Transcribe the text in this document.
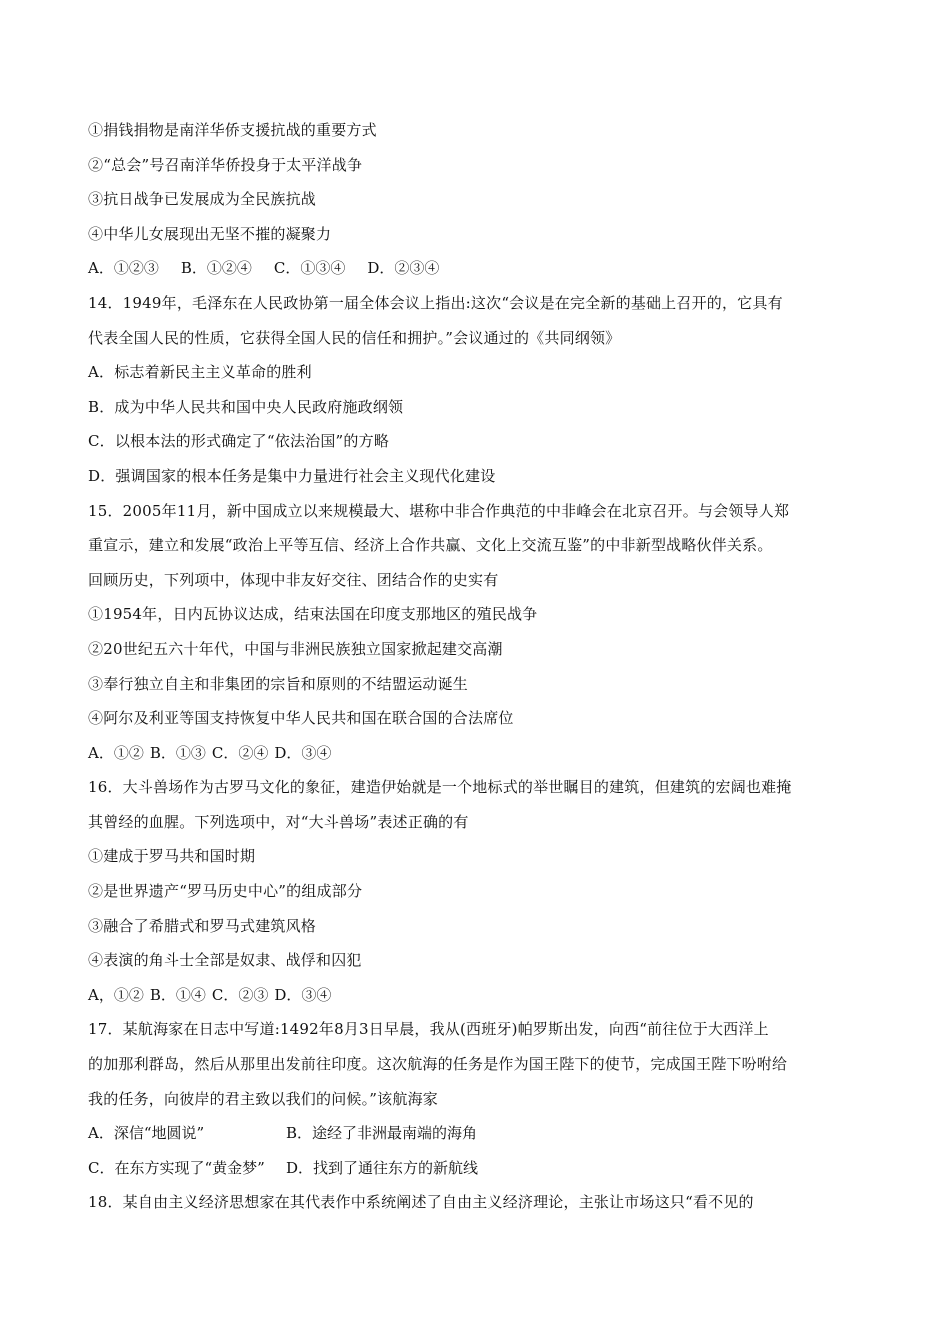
①捐钱捐物是南洋华侨支援抗战的重要方式
②“总会”号召南洋华侨投身于太平洋战争
③抗日战争已发展成为全民族抗战
④中华儿女展现出无坚不摧的凝聚力
A．①②③ B．①②④ C．①③④ D．②③④
14．1949年，毛泽东在人民政协第一届全体会议上指出:这次“会议是在完全新的基础上召开的，它具有
代表全国人民的性质，它获得全国人民的信任和拥护。”会议通过的《共同纲领》
A．标志着新民主主义革命的胜利
B．成为中华人民共和国中央人民政府施政纲领
C．以根本法的形式确定了“依法治国”的方略
D．强调国家的根本任务是集中力量进行社会主义现代化建设
15．2005年11月，新中国成立以来规模最大、堪称中非合作典范的中非峰会在北京召开。与会领导人郑
重宣示，建立和发展“政治上平等互信、经济上合作共赢、文化上交流互鉴”的中非新型战略伙伴关系。
回顾历史，下列项中，体现中非友好交往、团结合作的史实有
①1954年，日内瓦协议达成，结束法国在印度支那地区的殖民战争
②20世纪五六十年代，中国与非洲民族独立国家掀起建交高潮
③奉行独立自主和非集团的宗旨和原则的不结盟运动诞生
④阿尔及利亚等国支持恢复中华人民共和国在联合国的合法席位
A．①② B．①③ C．②④ D．③④
16．大斗兽场作为古罗马文化的象征，建造伊始就是一个地标式的举世瞩目的建筑，但建筑的宏阔也难掩
其曾经的血腥。下列选项中，对“大斗兽场”表述正确的有
①建成于罗马共和国时期
②是世界遗产“罗马历史中心”的组成部分
③融合了希腊式和罗马式建筑风格
④表演的角斗士全部是奴隶、战俘和囚犯
A，①② B．①④ C．②③ D．③④
17．某航海家在日志中写道:1492年8月3日早晨，我从(西班牙)帕罗斯出发，向西“前往位于大西洋上
的加那利群岛，然后从那里出发前往印度。这次航海的任务是作为国王陛下的使节，完成国王陛下吩咐给
我的任务，向彼岸的君主致以我们的问候。”该航海家
A．深信“地圆说”	B．途经了非洲最南端的海角
C．在东方实现了“黄金梦” D．找到了通往东方的新航线
18．某自由主义经济思想家在其代表作中系统阐述了自由主义经济理论，主张让市场这只“看不见的
